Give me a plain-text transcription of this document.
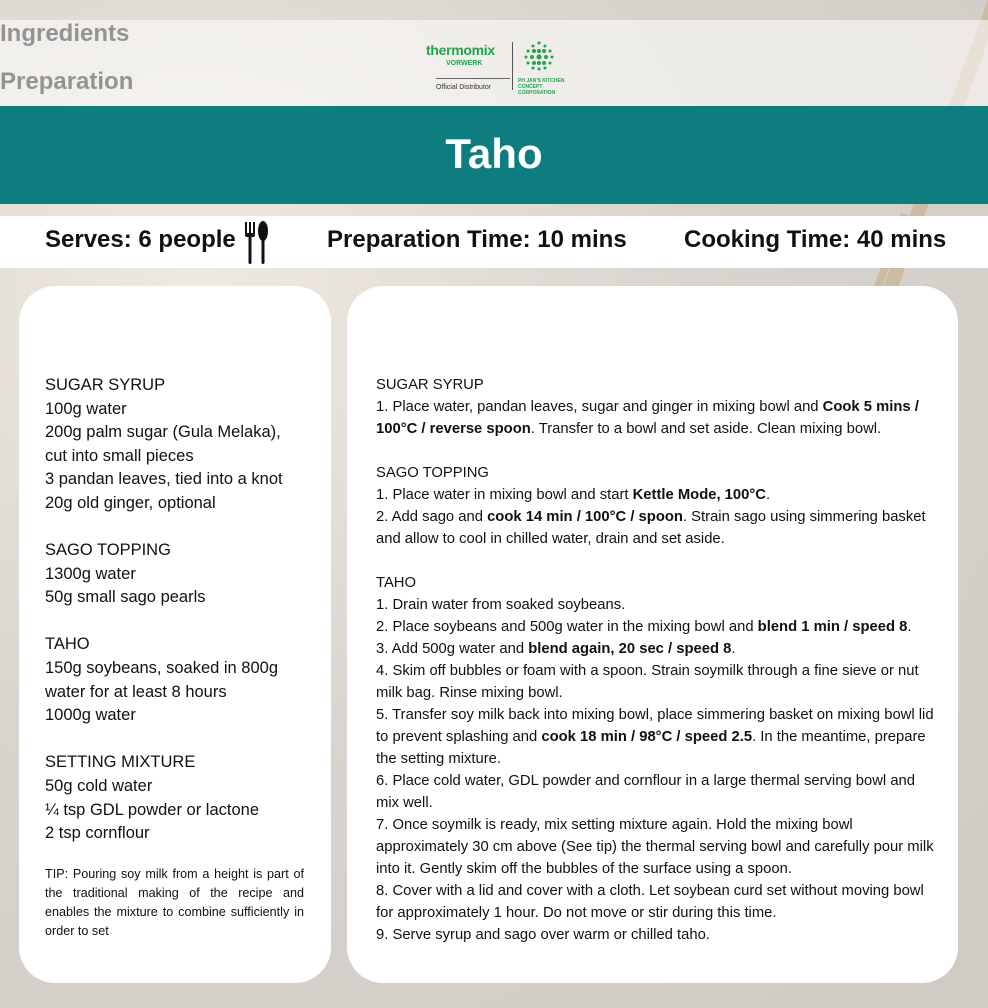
thermomix
VORWERK
Official Distributor
PH JAN'S KITCHEN
CONCEPT CORPORATION
Taho
Serves: 6 people	Preparation Time: 10 mins Cooking Time: 40 mins
SUGAR SYRUP
100g water
200g palm sugar (Gula Melaka),
cut into small pieces
3 pandan leaves, tied into a knot
20g old ginger, optional
SAGO TOPPING
1300g water
50g small sago pearls
TAHO
150g soybeans, soaked in 800g
water for at least 8 hours
1000g water
SETTING MIXTURE
50g cold water
¼ tsp GDL powder or lactone
2 tsp cornflour
TIP: Pouring soy milk from a height is part of the traditional making of the recipe and enables the mixture to combine sufficiently in order to set
SUGAR SYRUP
1. Place water, pandan leaves, sugar and ginger in mixing bowl and Cook 5 mins / 100°C / reverse spoon. Transfer to a bowl and set aside. Clean mixing bowl.
SAGO TOPPING
1. Place water in mixing bowl and start Kettle Mode, 100°C.
2. Add sago and cook 14 min / 100°C / spoon. Strain sago using simmering basket and allow to cool in chilled water, drain and set aside.
TAHO
1. Drain water from soaked soybeans.
2. Place soybeans and 500g water in the mixing bowl and blend 1 min / speed 8.
3. Add 500g water and blend again, 20 sec / speed 8.
4. Skim off bubbles or foam with a spoon. Strain soymilk through a fine sieve or nut milk bag. Rinse mixing bowl.
5. Transfer soy milk back into mixing bowl, place simmering basket on mixing bowl lid to prevent splashing and cook 18 min / 98°C / speed 2.5. In the meantime, prepare the setting mixture.
6. Place cold water, GDL powder and cornflour in a large thermal serving bowl and mix well.
7. Once soymilk is ready, mix setting mixture again. Hold the mixing bowl approximately 30 cm above (See tip) the thermal serving bowl and carefully pour milk into it. Gently skim off the bubbles of the surface using a spoon.
8. Cover with a lid and cover with a cloth. Let soybean curd set without moving bowl for approximately 1 hour. Do not move or stir during this time.
9. Serve syrup and sago over warm or chilled taho.
